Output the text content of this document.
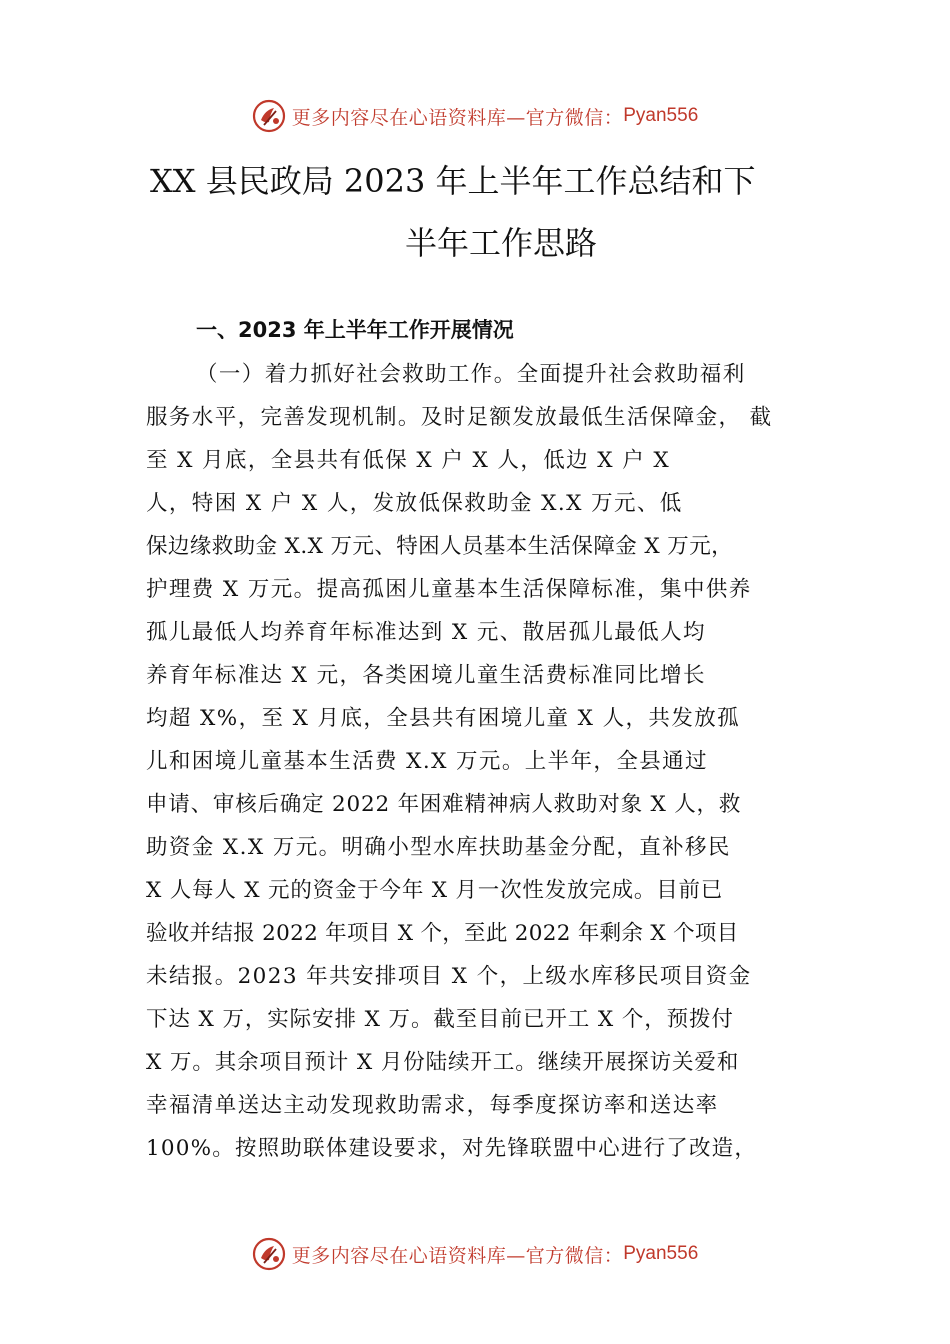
更多内容尽在心语资料库—官方微信： Pyan556
XX 县民政局 2023 年上半年工作总结和下
半年工作思路
一、2023 年上半年工作开展情况
（一）着力抓好社会救助工作。全面提升社会救助福利
服务水平，完善发现机制。及时足额发放最低生活保障金， 截
至 X 月底，全县共有低保 X 户 X 人，低边 X 户 X
人，特困 X 户 X 人，发放低保救助金 X.X 万元、低
保边缘救助金 X.X 万元、特困人员基本生活保障金 X 万元，
护理费 X 万元。提高孤困儿童基本生活保障标准，集中供养
孤儿最低人均养育年标准达到 X 元、散居孤儿最低人均
养育年标准达 X 元，各类困境儿童生活费标准同比增长
均超 X%，至 X 月底，全县共有困境儿童 X 人，共发放孤
儿和困境儿童基本生活费 X.X 万元。上半年，全县通过
申请、审核后确定 2022 年困难精神病人救助对象 X 人，救
助资金 X.X 万元。明确小型水库扶助基金分配，直补移民
X 人每人 X 元的资金于今年 X 月一次性发放完成。目前已
验收并结报 2022 年项目 X 个，至此 2022 年剩余 X 个项目
未结报。2023 年共安排项目 X 个，上级水库移民项目资金
下达 X 万，实际安排 X 万。截至目前已开工 X 个，预拨付
X 万。其余项目预计 X 月份陆续开工。继续开展探访关爱和
幸福清单送达主动发现救助需求，每季度探访率和送达率
100%。按照助联体建设要求，对先锋联盟中心进行了改造，
更多内容尽在心语资料库—官方微信： Pyan556
